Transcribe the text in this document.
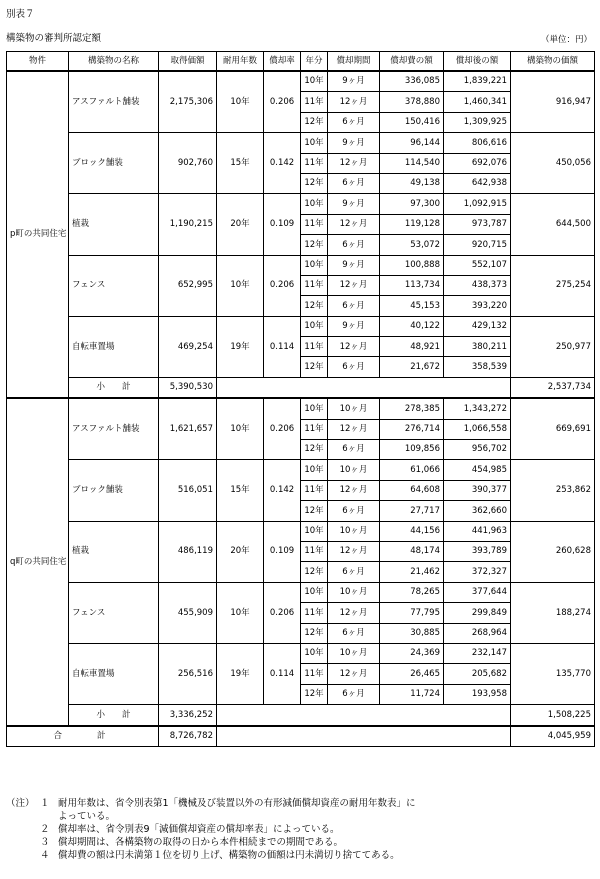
別表７
構築物の審判所認定額	（単位：円）
物件	構築物の名称	取得価額	耐用年数	償却率	年分	償却期間	償却費の額	償却後の額	構築物の価額
p町の共同住宅	アスファルト舗装	2,175,306	10年	0.206	10年	9ヶ月	336,085	1,839,221	916,947
					11年	12ヶ月	378,880	1,460,341	
					12年	6ヶ月	150,416	1,309,925	
	ブロック舗装	902,760	15年	0.142	10年	9ヶ月	96,144	806,616	450,056
					11年	12ヶ月	114,540	692,076	
					12年	6ヶ月	49,138	642,938	
	植栽	1,190,215	20年	0.109	10年	9ヶ月	97,300	1,092,915	644,500
					11年	12ヶ月	119,128	973,787	
					12年	6ヶ月	53,072	920,715	
	フェンス	652,995	10年	0.206	10年	9ヶ月	100,888	552,107	275,254
					11年	12ヶ月	113,734	438,373	
					12年	6ヶ月	45,153	393,220	
	自転車置場	469,254	19年	0.114	10年	9ヶ月	40,122	429,132	250,977
					11年	12ヶ月	48,921	380,211	
					12年	6ヶ月	21,672	358,539	
	小　　計	5,390,530							2,537,734
q町の共同住宅	アスファルト舗装	1,621,657	10年	0.206	10年	10ヶ月	278,385	1,343,272	669,691
					11年	12ヶ月	276,714	1,066,558	
					12年	6ヶ月	109,856	956,702	
	ブロック舗装	516,051	15年	0.142	10年	10ヶ月	61,066	454,985	253,862
					11年	12ヶ月	64,608	390,377	
					12年	6ヶ月	27,717	362,660	
	植栽	486,119	20年	0.109	10年	10ヶ月	44,156	441,963	260,628
					11年	12ヶ月	48,174	393,789	
					12年	6ヶ月	21,462	372,327	
	フェンス	455,909	10年	0.206	10年	10ヶ月	78,265	377,644	188,274
					11年	12ヶ月	77,795	299,849	
					12年	6ヶ月	30,885	268,964	
	自転車置場	256,516	19年	0.114	10年	10ヶ月	24,369	232,147	135,770
					11年	12ヶ月	26,465	205,682	
					12年	6ヶ月	11,724	193,958	
	小　　計	3,336,252							1,508,225
合　　計		8,726,782							4,045,959
（注） １ 耐用年数は、省令別表第1「機械及び装置以外の有形減価償却資産の耐用年数表」に
よっている。
２ 償却率は、省令別表9「減価償却資産の償却率表」によっている。
３ 償却期間は、各構築物の取得の日から本件相続までの期間である。
４ 償却費の額は円未満第１位を切り上げ、構築物の価額は円未満切り捨ててある。
